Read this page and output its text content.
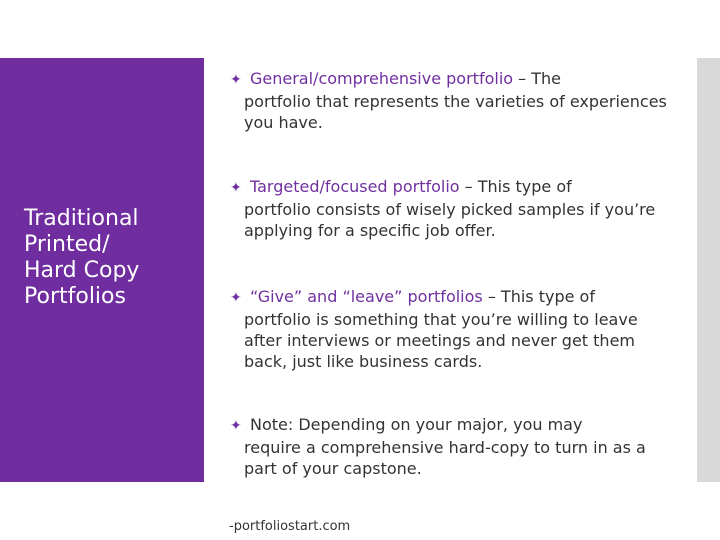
Traditional
Printed/
Hard Copy
Portfolios
✦ General/comprehensive portfolio – The
portfolio that represents the varieties of experiences you have.
✦ Targeted/focused portfolio – This type of
portfolio consists of wisely picked samples if you’re applying for a specific job offer.
✦ “Give” and “leave” portfolios – This type of
portfolio is something that you’re willing to leave after interviews or meetings and never get them back, just like business cards.
✦ Note: Depending on your major, you may
require a comprehensive hard-copy to turn in as a part of your capstone.
-portfoliostart.com
